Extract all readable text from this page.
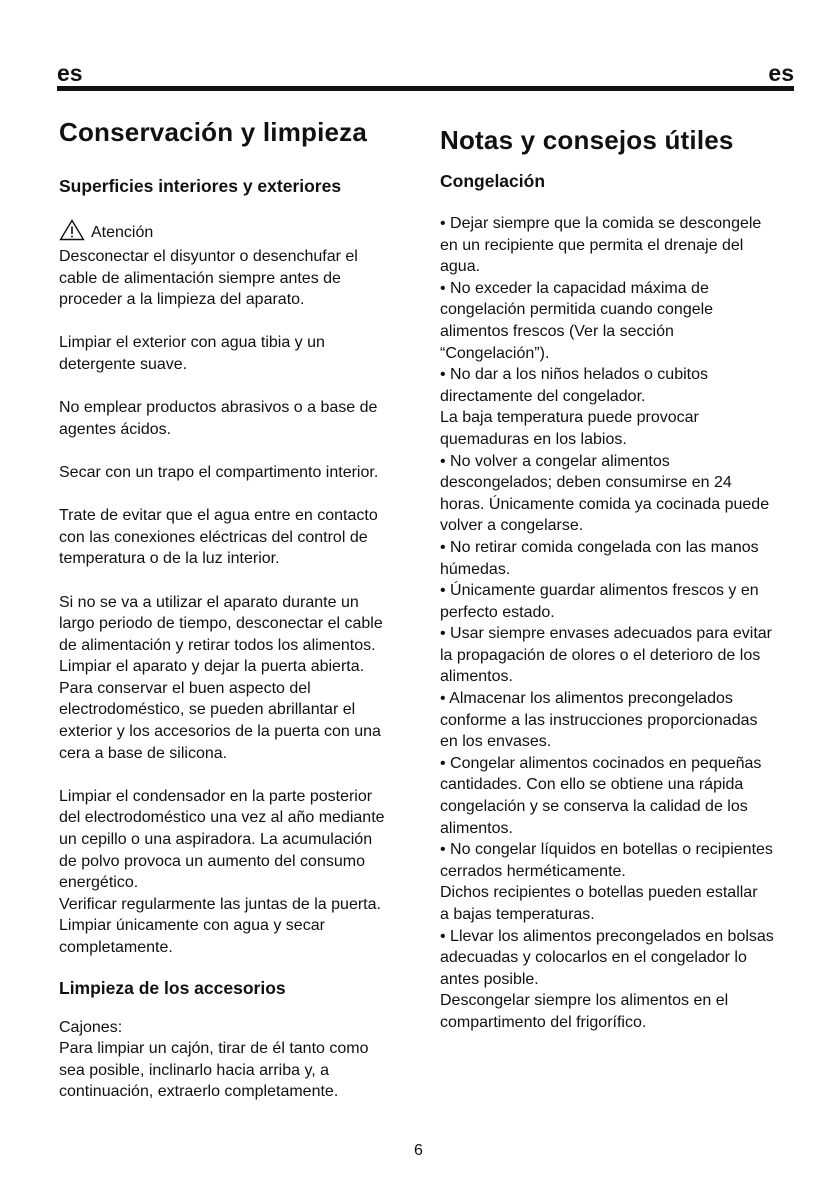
es	es
Conservación y limpieza
Superficies interiores y exteriores

Atención

Desconectar el disyuntor o desenchufar el

cable de alimentación siempre antes de

proceder a la limpieza del aparato.

Limpiar el exterior con agua tibia y un

detergente suave.

No emplear productos abrasivos o a base de

agentes ácidos.

Secar con un trapo el compartimento interior.

Trate de evitar que el agua entre en contacto

con las conexiones eléctricas del control de

temperatura o de la luz interior.

Si no se va a utilizar el aparato durante un

largo periodo de tiempo, desconectar el cable

de alimentación y retirar todos los alimentos.

Limpiar el aparato y dejar la puerta abierta.

Para conservar el buen aspecto del

electrodoméstico, se pueden abrillantar el

exterior y los accesorios de la puerta con una

cera a base de silicona.

Limpiar el condensador en la parte posterior

del electrodoméstico una vez al año mediante

un cepillo o una aspiradora. La acumulación

de polvo provoca un aumento del consumo

energético.

Verificar regularmente las juntas de la puerta.

Limpiar únicamente con agua y secar

completamente.

Limpieza de los accesorios

Cajones:

Para limpiar un cajón, tirar de él tanto como

sea posible, inclinarlo hacia arriba y, a

continuación, extraerlo completamente.

Notas y consejos útiles
Congelación

• Dejar siempre que la comida se descongele

en un recipiente que permita el drenaje del

agua.

• No exceder la capacidad máxima de

congelación permitida cuando congele

alimentos frescos (Ver la sección

“Congelación”).

• No dar a los niños helados o cubitos

directamente del congelador.

La baja temperatura puede provocar

quemaduras en los labios.

• No volver a congelar alimentos

descongelados; deben consumirse en 24

horas. Únicamente comida ya cocinada puede

volver a congelarse.

• No retirar comida congelada con las manos

húmedas.

• Únicamente guardar alimentos frescos y en

perfecto estado.

• Usar siempre envases adecuados para evitar

la propagación de olores o el deterioro de los

alimentos.

• Almacenar los alimentos precongelados

conforme a las instrucciones proporcionadas

en los envases.

• Congelar alimentos cocinados en pequeñas

cantidades. Con ello se obtiene una rápida

congelación y se conserva la calidad de los

alimentos.

• No congelar líquidos en botellas o recipientes

cerrados herméticamente.

Dichos recipientes o botellas pueden estallar

a bajas temperaturas.

• Llevar los alimentos precongelados en bolsas

adecuadas y colocarlos en el congelador lo

antes posible.

Descongelar siempre los alimentos en el

compartimento del frigorífico.

6
